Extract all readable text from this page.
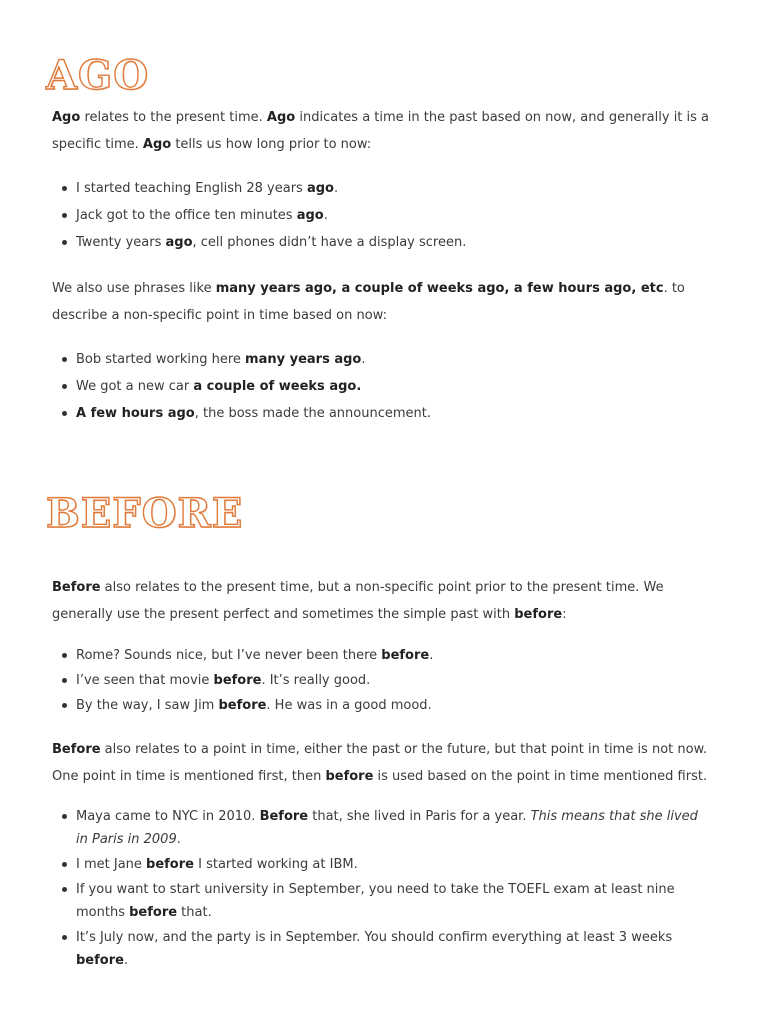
AGO

Ago relates to the present time. Ago indicates a time in the past based on now, and generally it is a specific time. Ago tells us how long prior to now:

I started teaching English 28 years ago.
Jack got to the office ten minutes ago.
Twenty years ago, cell phones didn’t have a display screen.

We also use phrases like many years ago, a couple of weeks ago, a few hours ago, etc. to describe a non-specific point in time based on now:

Bob started working here many years ago.
We got a new car a couple of weeks ago.
A few hours ago, the boss made the announcement.
BEFORE

Before also relates to the present time, but a non-specific point prior to the present time. We generally use the present perfect and sometimes the simple past with before:

Rome? Sounds nice, but I’ve never been there before.
I’ve seen that movie before. It’s really good.
By the way, I saw Jim before. He was in a good mood.

Before also relates to a point in time, either the past or the future, but that point in time is not now. One point in time is mentioned first, then before is used based on the point in time mentioned first.

Maya came to NYC in 2010. Before that, she lived in Paris for a year. This means that she lived in Paris in 2009.
I met Jane before I started working at IBM.
If you want to start university in September, you need to take the TOEFL exam at least nine months before that.
It’s July now, and the party is in September. You should confirm everything at least 3 weeks before.
